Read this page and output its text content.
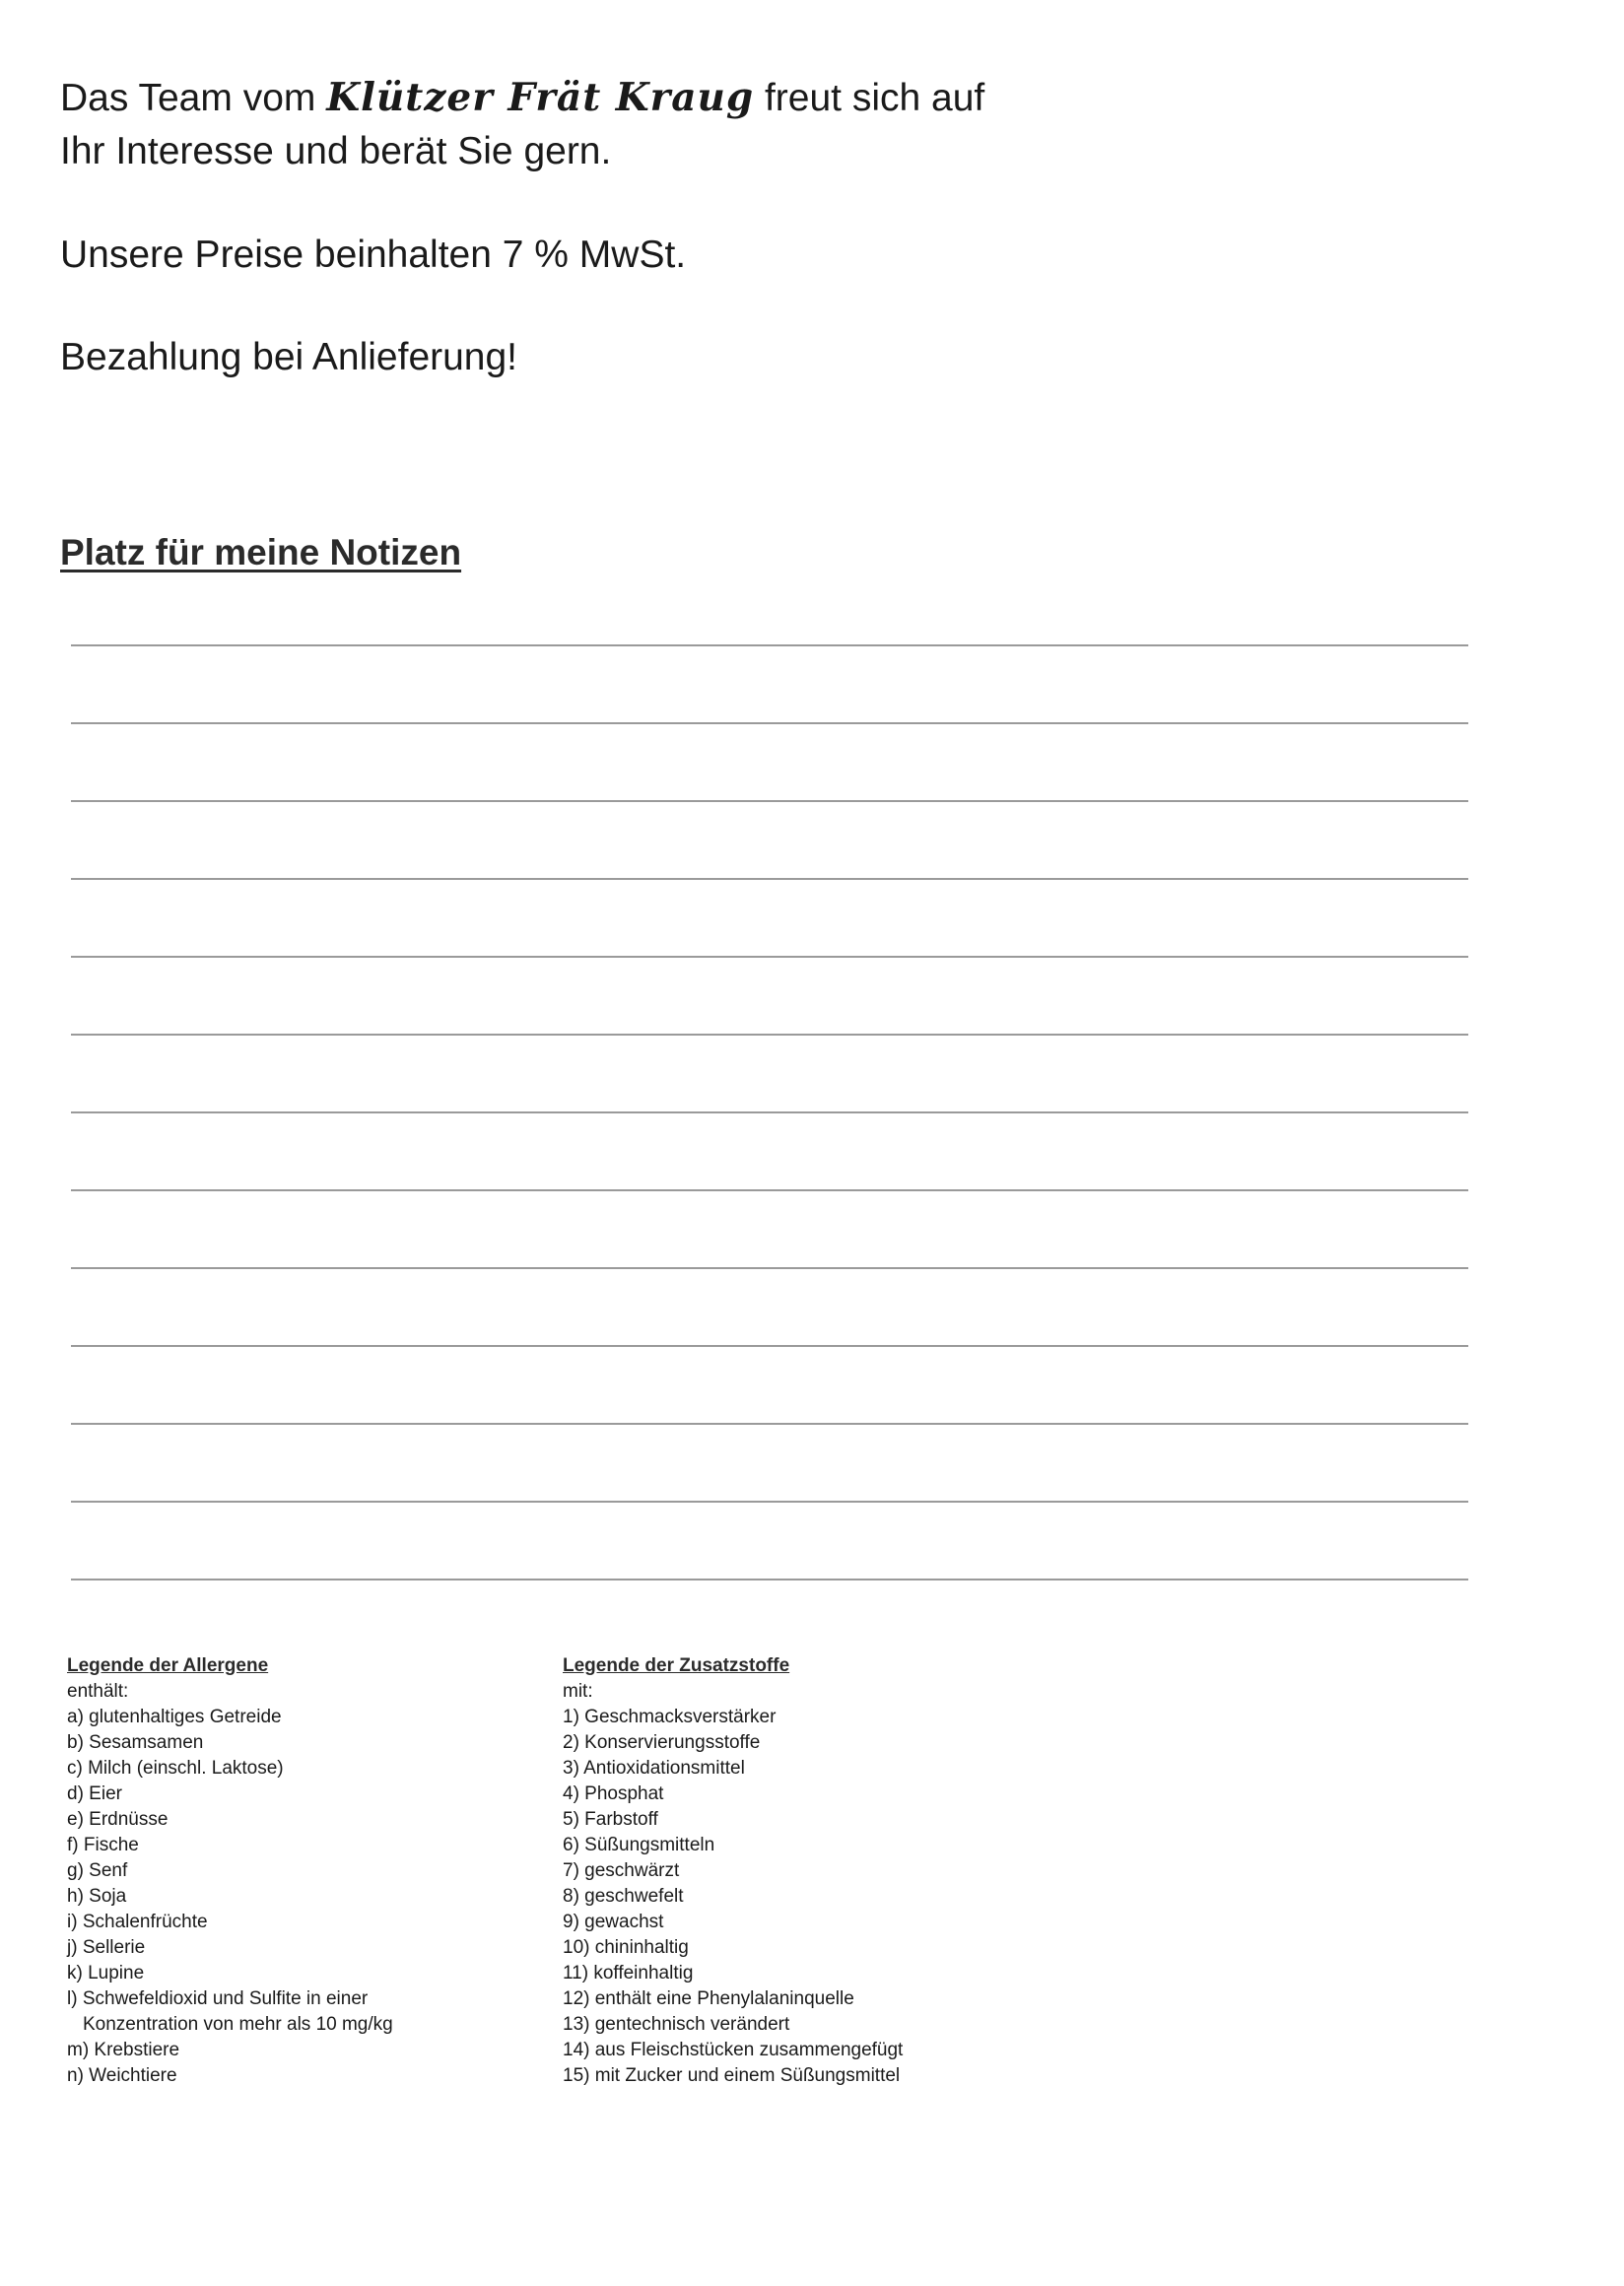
Das Team vom Klützer Frät Kraug freut sich auf

Ihr Interesse und berät Sie gern.

Unsere Preise beinhalten 7 % MwSt.

Bezahlung bei Anlieferung!

Platz für meine Notizen
Legende der Allergene

enthält:

a) glutenhaltiges Getreide
b) Sesamsamen
c) Milch (einschl. Laktose)
d) Eier
e) Erdnüsse
f) Fische
g) Senf
h) Soja
i) Schalenfrüchte
j) Sellerie
k) Lupine
l) Schwefeldioxid und Sulfite in einer
Konzentration von mehr als 10 mg/kg
m) Krebstiere
n) Weichtiere
Legende der Zusatzstoffe

mit:

1) Geschmacksverstärker
2) Konservierungsstoffe
3) Antioxidationsmittel
4) Phosphat
5) Farbstoff
6) Süßungsmitteln
7) geschwärzt
8) geschwefelt
9) gewachst
10) chininhaltig
11) koffeinhaltig
12) enthält eine Phenylalaninquelle
13) gentechnisch verändert
14) aus Fleischstücken zusammengefügt
15) mit Zucker und einem Süßungsmittel
